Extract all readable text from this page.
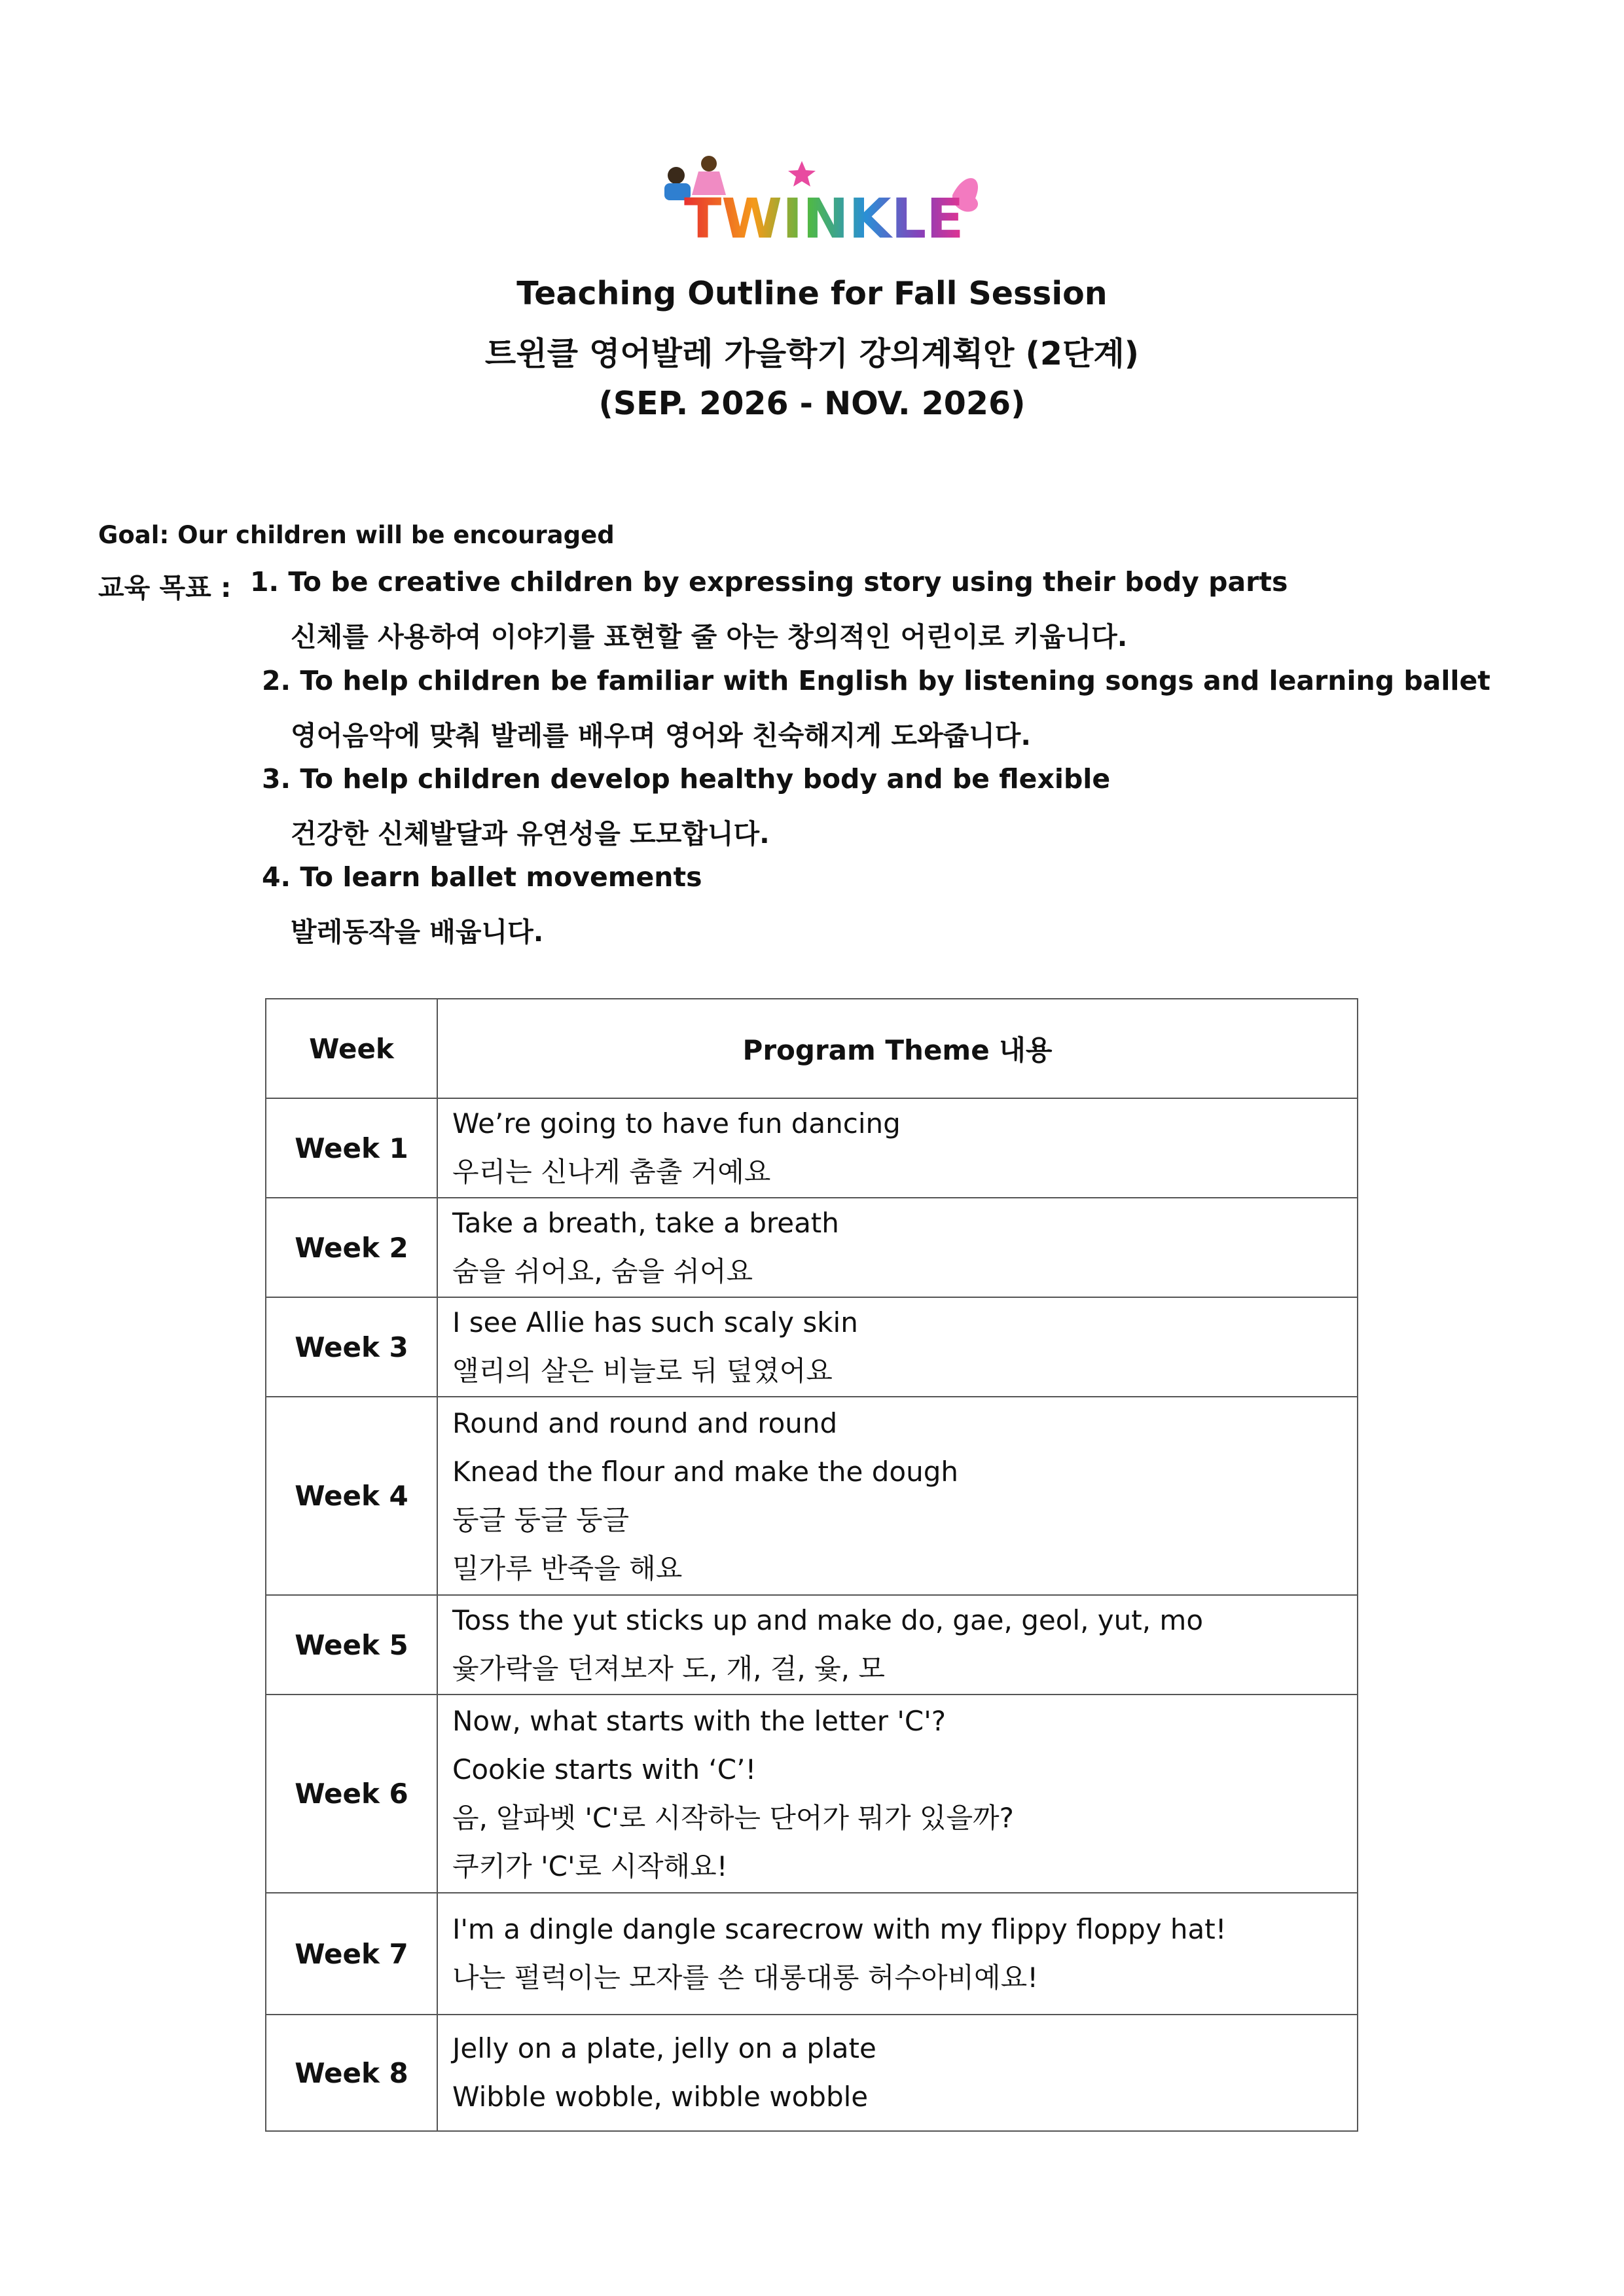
TWINKLE
Teaching Outline for Fall Session
트윈클 영어발레 가을학기 강의계획안 (2단계)
(SEP. 2026 - NOV. 2026)
Goal: Our children will be encouraged
교육 목표 : 1. To be creative children by expressing story using their body parts
신체를 사용하여 이야기를 표현할 줄 아는 창의적인 어린이로 키웁니다.
2. To help children be familiar with English by listening songs and learning ballet
영어음악에 맞춰 발레를 배우며 영어와 친숙해지게 도와줍니다.
3. To help children develop healthy body and be flexible
건강한 신체발달과 유연성을 도모합니다.
4. To learn ballet movements
발레동작을 배웁니다.
Week	Program Theme 내용
Week 1	We’re going to have fun dancing
우리는 신나게 춤출 거예요

Week 2	Take a breath, take a breath
숨을 쉬어요, 숨을 쉬어요

Week 3	I see Allie has such scaly skin
앨리의 살은 비늘로 뒤 덮였어요

Week 4	Round and round and round
Knead the flour and make the dough
둥글 둥글 둥글
밀가루 반죽을 해요

Week 5	Toss the yut sticks up and make do, gae, geol, yut, mo
윷가락을 던져보자 도, 개, 걸, 윷, 모

Week 6	Now, what starts with the letter 'C'?
Cookie starts with ‘C’!
음, 알파벳 'C'로 시작하는 단어가 뭐가 있을까?
쿠키가 'C'로 시작해요!

Week 7	I'm a dingle dangle scarecrow with my flippy floppy hat!
나는 펄럭이는 모자를 쓴 대롱대롱 허수아비예요!

Week 8	Jelly on a plate, jelly on a plate
Wibble wobble, wibble wobble
